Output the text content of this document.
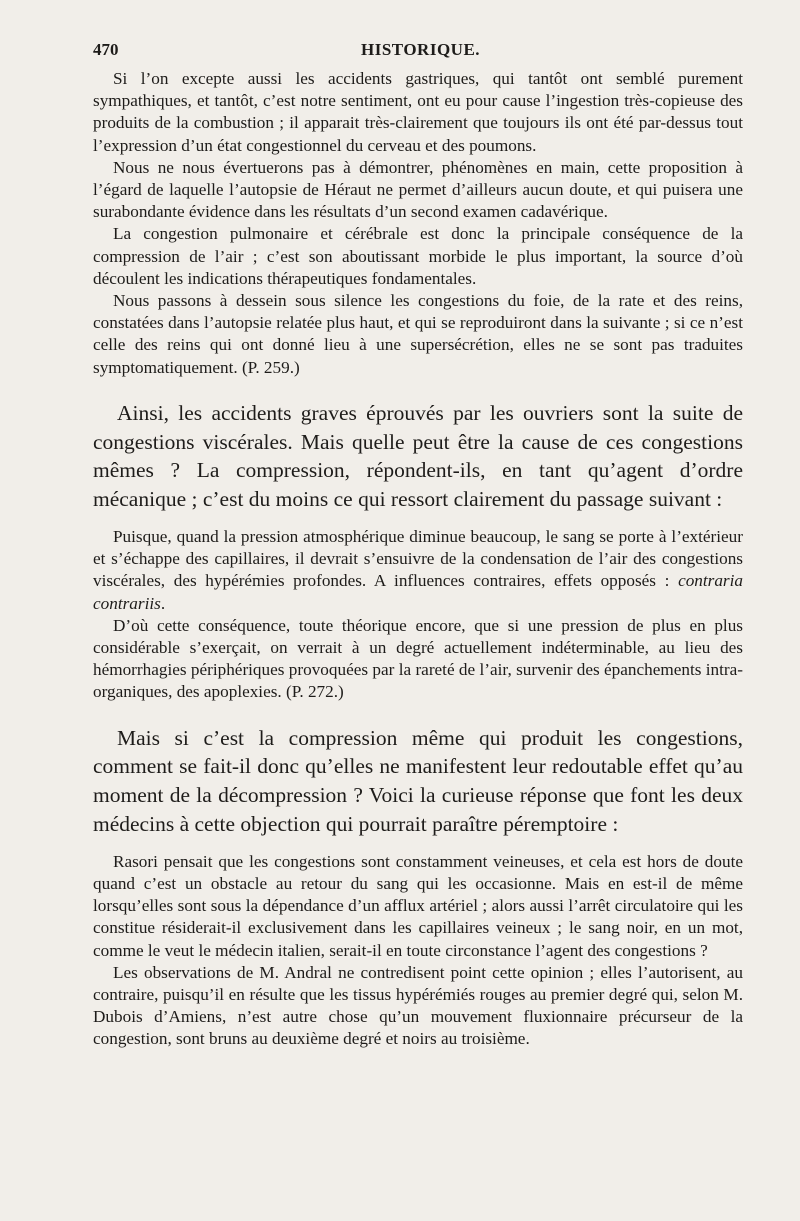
470	HISTORIQUE.

Si l’on excepte aussi les accidents gastriques, qui tantôt ont semblé purement sympathiques, et tantôt, c’est notre sentiment, ont eu pour cause l’ingestion très-copieuse des produits de la combustion ; il apparait très-clairement que toujours ils ont été par-dessus tout l’expression d’un état congestionnel du cerveau et des poumons.

Nous ne nous évertuerons pas à démontrer, phénomènes en main, cette proposition à l’égard de laquelle l’autopsie de Héraut ne permet d’ailleurs aucun doute, et qui puisera une surabondante évidence dans les résultats d’un second examen cadavérique.

La congestion pulmonaire et cérébrale est donc la principale conséquence de la compression de l’air ; c’est son aboutissant morbide le plus important, la source d’où découlent les indications thérapeutiques fondamentales.

Nous passons à dessein sous silence les congestions du foie, de la rate et des reins, constatées dans l’autopsie relatée plus haut, et qui se reproduiront dans la suivante ; si ce n’est celle des reins qui ont donné lieu à une supersécrétion, elles ne se sont pas traduites symptomatiquement. (P. 259.)

Ainsi, les accidents graves éprouvés par les ouvriers sont la suite de congestions viscérales. Mais quelle peut être la cause de ces congestions mêmes ? La compression, répondent-ils, en tant qu’agent d’ordre mécanique ; c’est du moins ce qui ressort clairement du passage suivant :

Puisque, quand la pression atmosphérique diminue beaucoup, le sang se porte à l’extérieur et s’échappe des capillaires, il devrait s’ensuivre de la condensation de l’air des congestions viscérales, des hypérémies profondes. A influences contraires, effets opposés : contraria contrariis.

D’où cette conséquence, toute théorique encore, que si une pression de plus en plus considérable s’exerçait, on verrait à un degré actuellement indéterminable, au lieu des hémorrhagies périphériques provoquées par la rareté de l’air, survenir des épanchements intra-organiques, des apoplexies. (P. 272.)

Mais si c’est la compression même qui produit les congestions, comment se fait-il donc qu’elles ne manifestent leur redoutable effet qu’au moment de la décompression ? Voici la curieuse réponse que font les deux médecins à cette objection qui pourrait paraître péremptoire :

Rasori pensait que les congestions sont constamment veineuses, et cela est hors de doute quand c’est un obstacle au retour du sang qui les occasionne. Mais en est-il de même lorsqu’elles sont sous la dépendance d’un afflux artériel ; alors aussi l’arrêt circulatoire qui les constitue résiderait-il exclusivement dans les capillaires veineux ; le sang noir, en un mot, comme le veut le médecin italien, serait-il en toute circonstance l’agent des congestions ?

Les observations de M. Andral ne contredisent point cette opinion ; elles l’autorisent, au contraire, puisqu’il en résulte que les tissus hypérémiés rouges au premier degré qui, selon M. Dubois d’Amiens, n’est autre chose qu’un mouvement fluxionnaire précurseur de la congestion, sont bruns au deuxième degré et noirs au troisième.
